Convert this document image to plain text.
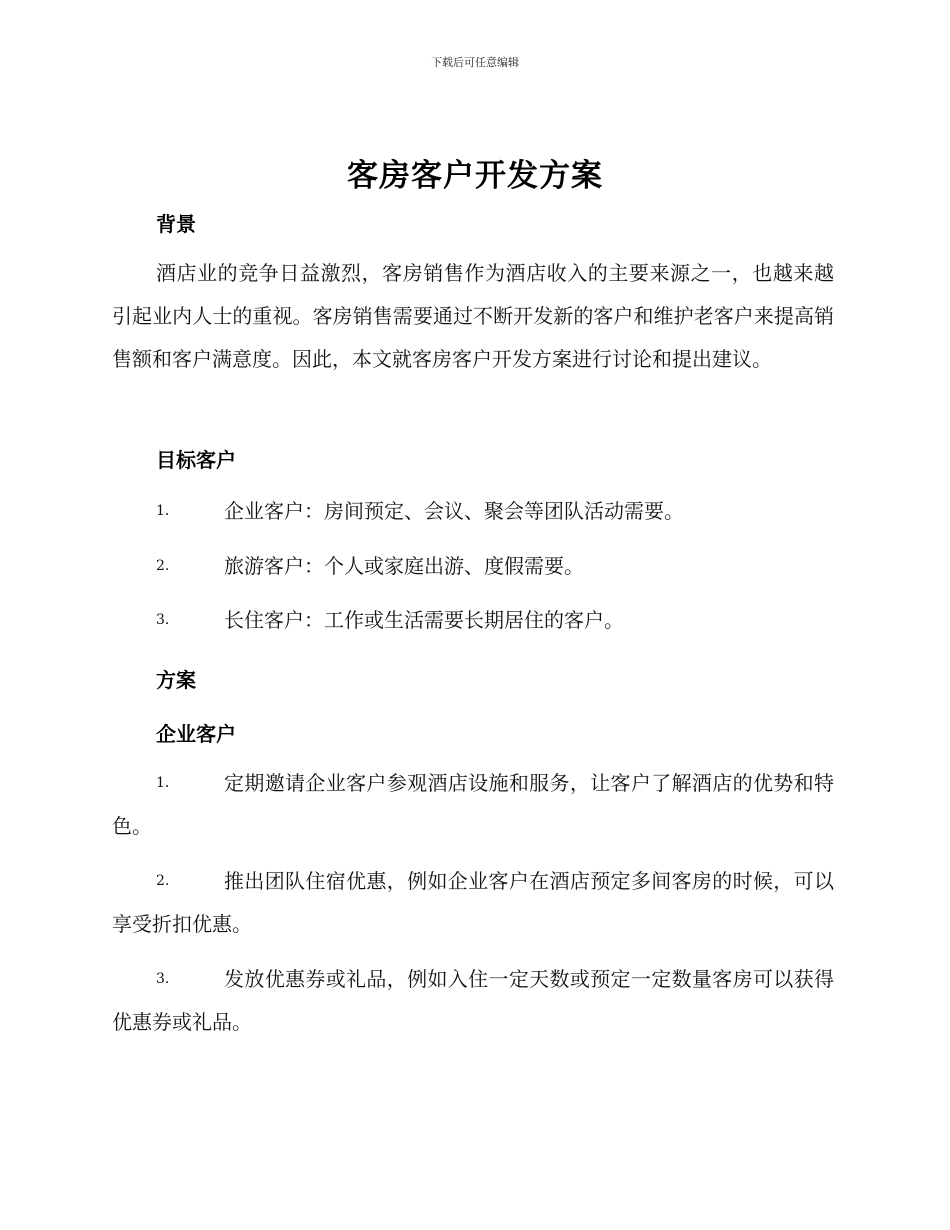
下载后可任意编辑
客房客户开发方案
背景
酒店业的竞争日益激烈，客房销售作为酒店收入的主要来源之一，也越来越引起业内人士的重视。客房销售需要通过不断开发新的客户和维护老客户来提高销售额和客户满意度。因此，本文就客房客户开发方案进行讨论和提出建议。
目标客户
1.	企业客户：房间预定、会议、聚会等团队活动需要。
2.	旅游客户：个人或家庭出游、度假需要。
3.	长住客户：工作或生活需要长期居住的客户。
方案
企业客户
1.	定期邀请企业客户参观酒店设施和服务，让客户了解酒店的优势和特色。
2.	推出团队住宿优惠，例如企业客户在酒店预定多间客房的时候，可以享受折扣优惠。
3.	发放优惠券或礼品，例如入住一定天数或预定一定数量客房可以获得优惠券或礼品。
